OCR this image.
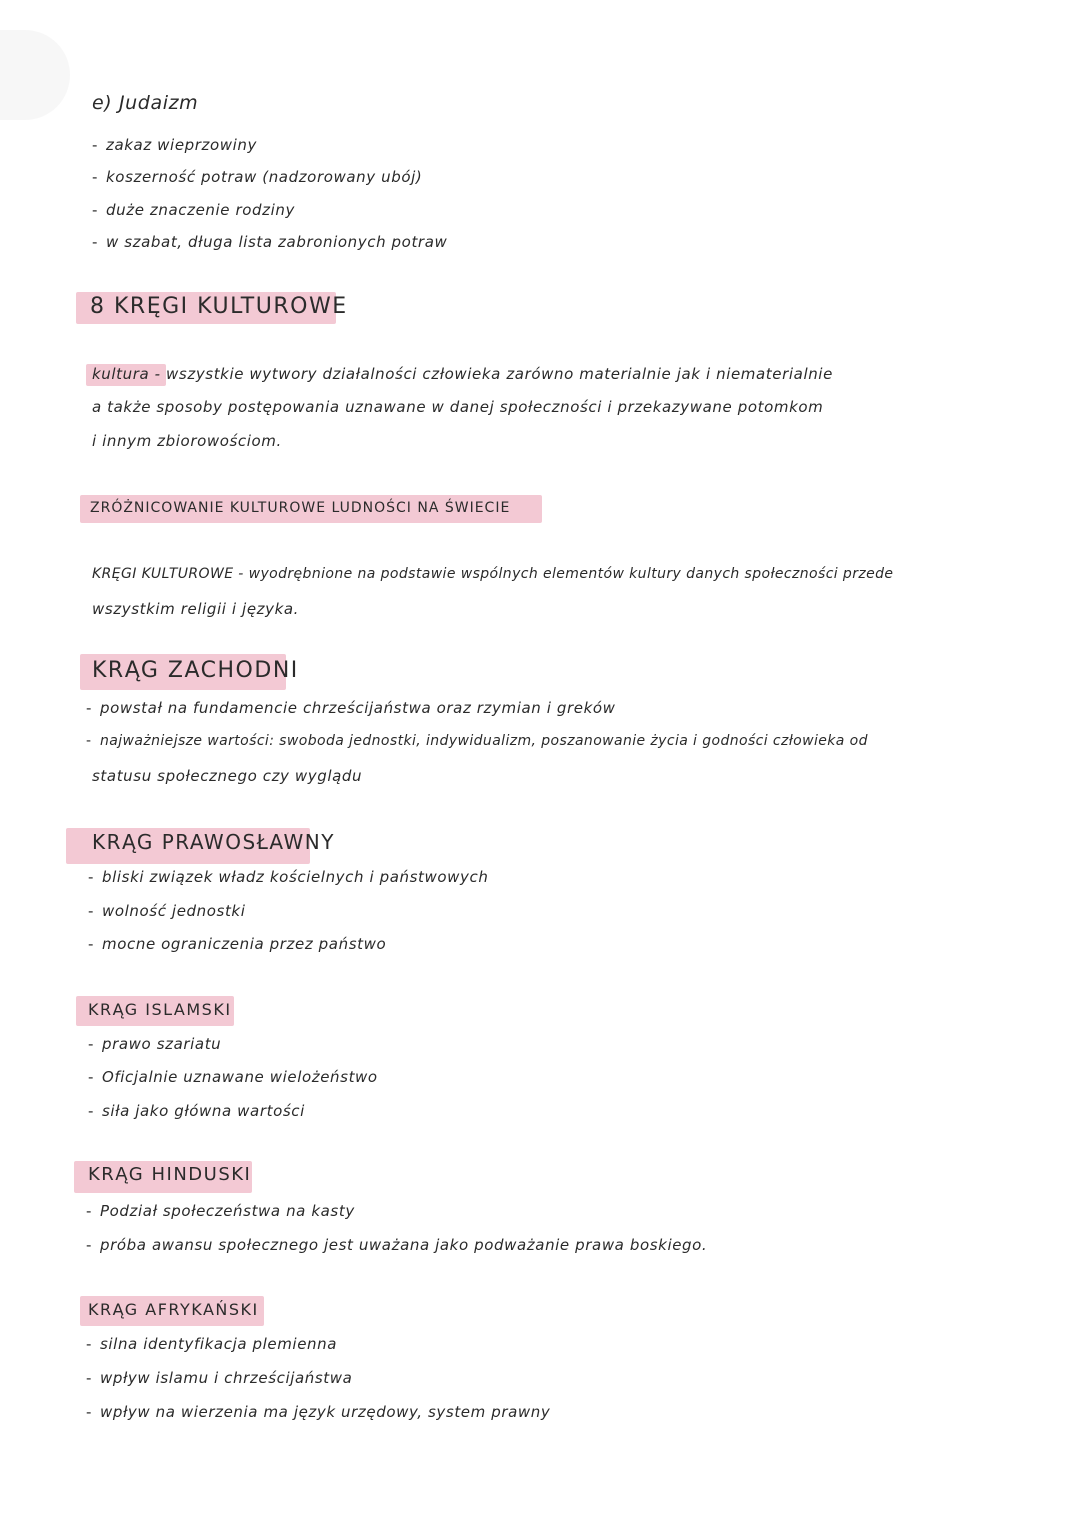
e) Judaizm
- zakaz wieprzowiny
- koszerność potraw (nadzorowany ubój)
- duże znaczenie rodziny
- w szabat, długa lista zabronionych potraw
8 KRĘGI KULTUROWE
kultura - wszystkie wytwory działalności człowieka zarówno materialnie jak i niematerialnie
a także sposoby postępowania uznawane w danej społeczności i przekazywane potomkom
i innym zbiorowościom.
ZRÓŻNICOWANIE KULTUROWE LUDNOŚCI NA ŚWIECIE
KRĘGI KULTUROWE - wyodrębnione na podstawie wspólnych elementów kultury danych społeczności przede
wszystkim religii i języka.
KRĄG ZACHODNI
- powstał na fundamencie chrześcijaństwa oraz rzymian i greków
- najważniejsze wartości: swoboda jednostki, indywidualizm, poszanowanie życia i godności człowieka od
statusu społecznego czy wyglądu
KRĄG PRAWOSŁAWNY
- bliski związek władz kościelnych i państwowych
- wolność jednostki
- mocne ograniczenia przez państwo
KRĄG ISLAMSKI
- prawo szariatu
- Oficjalnie uznawane wielożeństwo
- siła jako główna wartości
KRĄG HINDUSKI
- Podział społeczeństwa na kasty
- próba awansu społecznego jest uważana jako podważanie prawa boskiego.
KRĄG AFRYKAŃSKI
- silna identyfikacja plemienna
- wpływ islamu i chrześcijaństwa
- wpływ na wierzenia ma język urzędowy, system prawny
